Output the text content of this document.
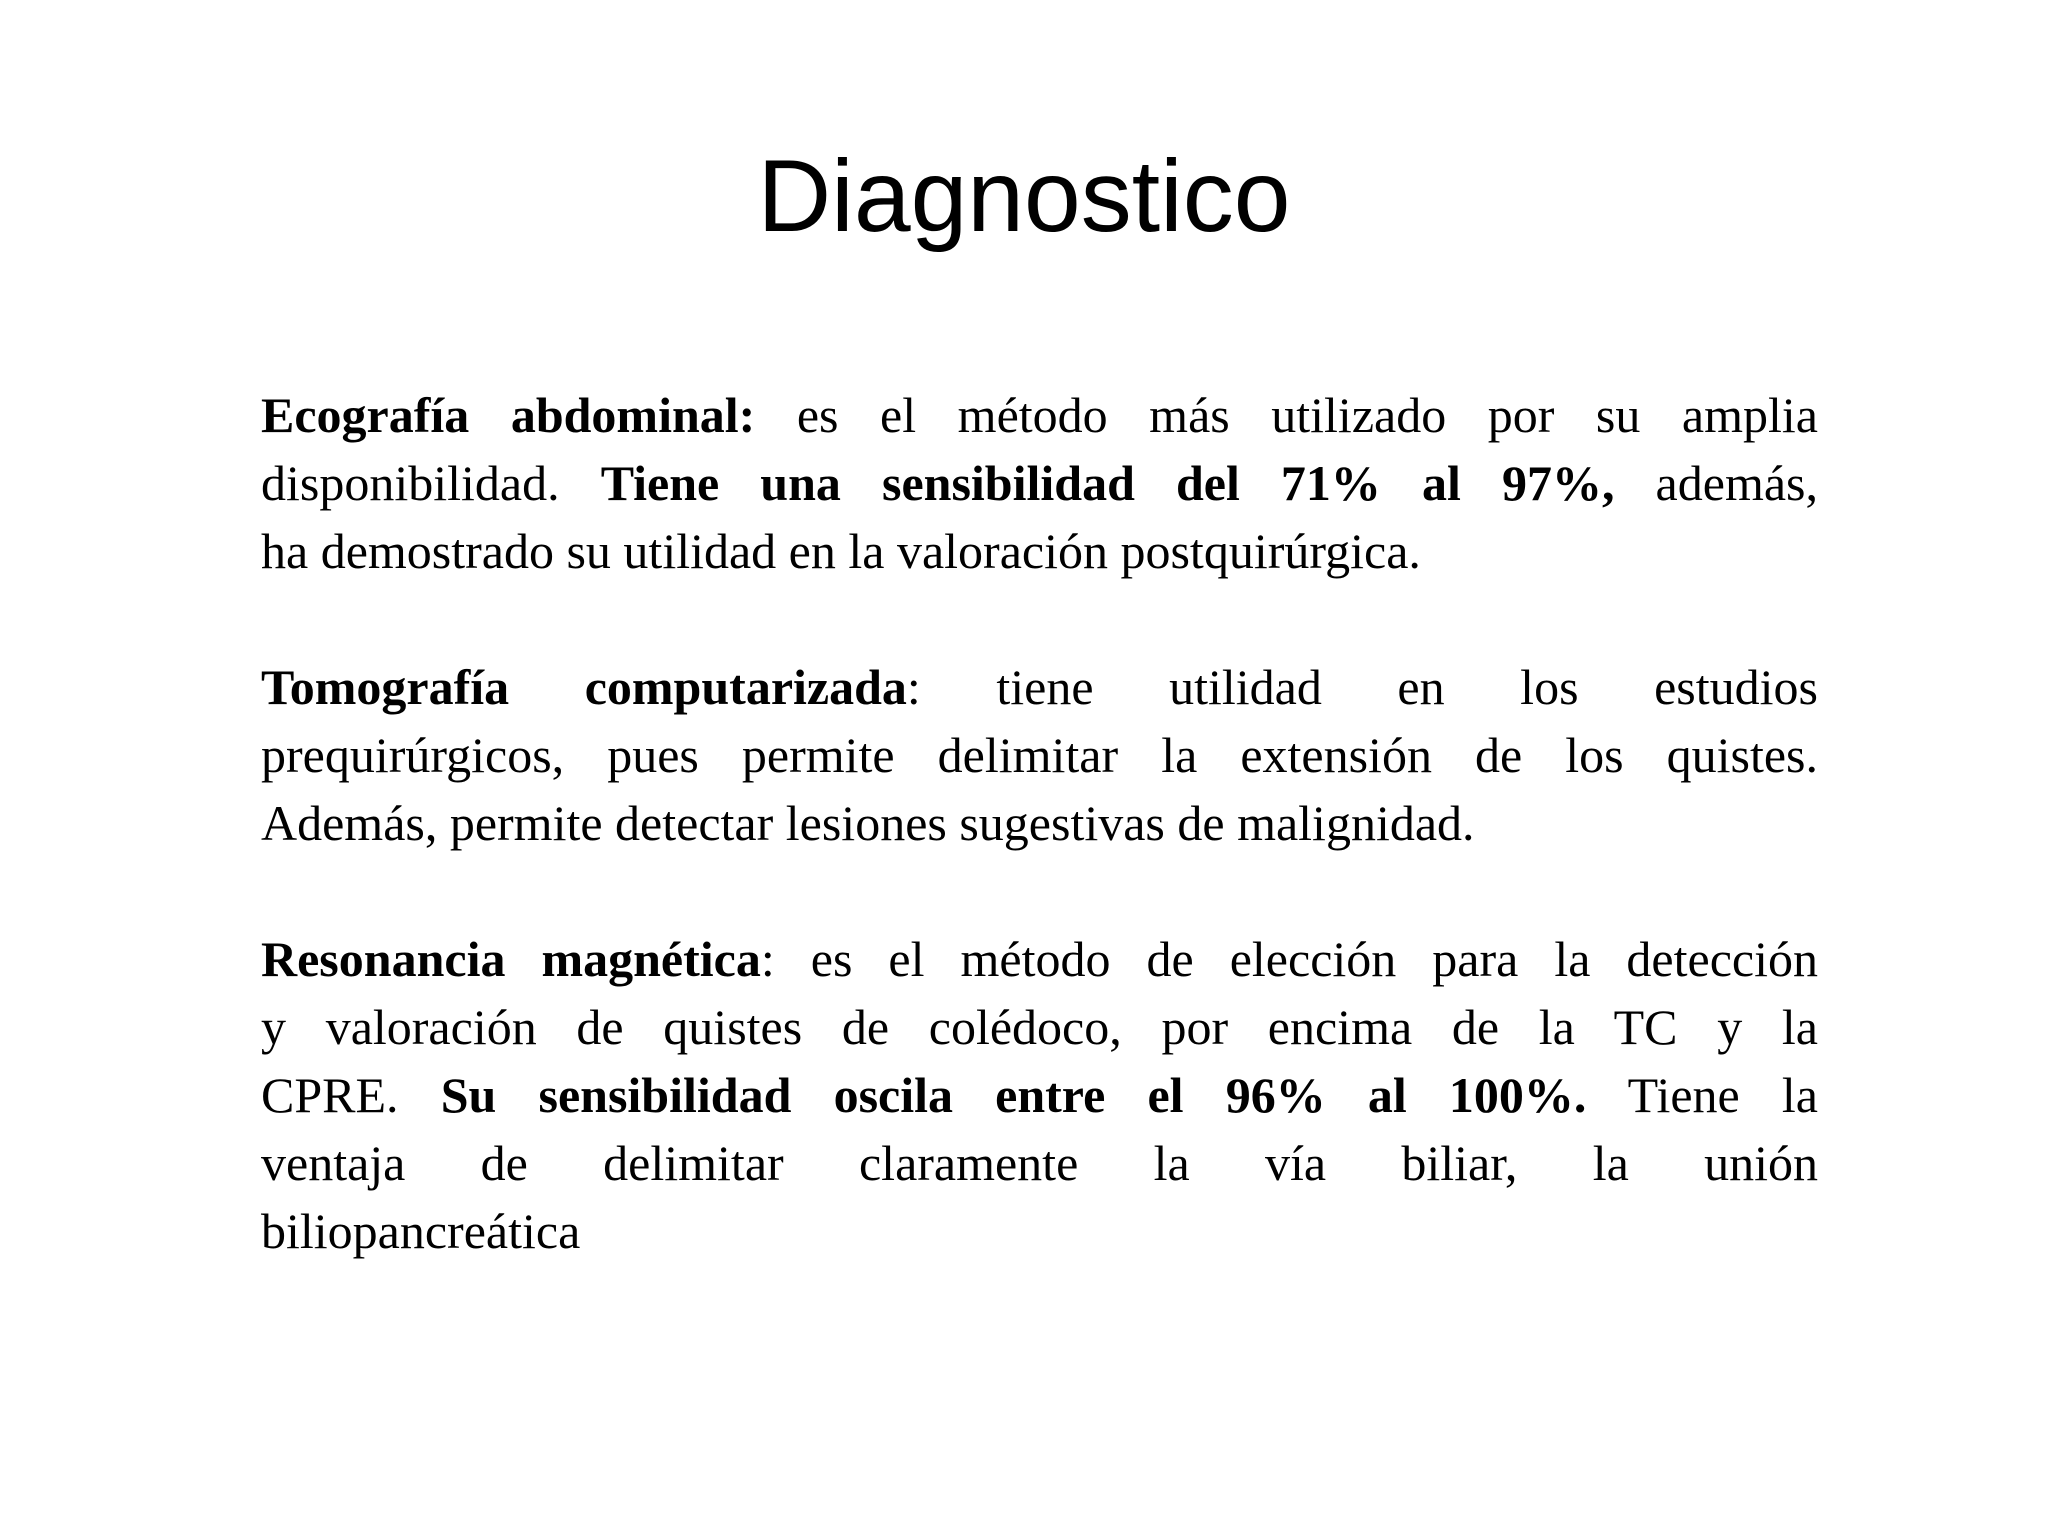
Diagnostico

Ecografía abdominal: es el método más utilizado por su amplia
disponibilidad. Tiene una sensibilidad del 71% al 97%, además,
ha demostrado su utilidad en la valoración postquirúrgica.

Tomografía computarizada: tiene utilidad en los estudios
prequirúrgicos, pues permite delimitar la extensión de los quistes.
Además, permite detectar lesiones sugestivas de malignidad.

Resonancia magnética: es el método de elección para la detección
y valoración de quistes de colédoco, por encima de la TC y la
CPRE. Su sensibilidad oscila entre el 96% al 100%. Tiene la
ventaja de delimitar claramente la vía biliar, la unión
biliopancreática
